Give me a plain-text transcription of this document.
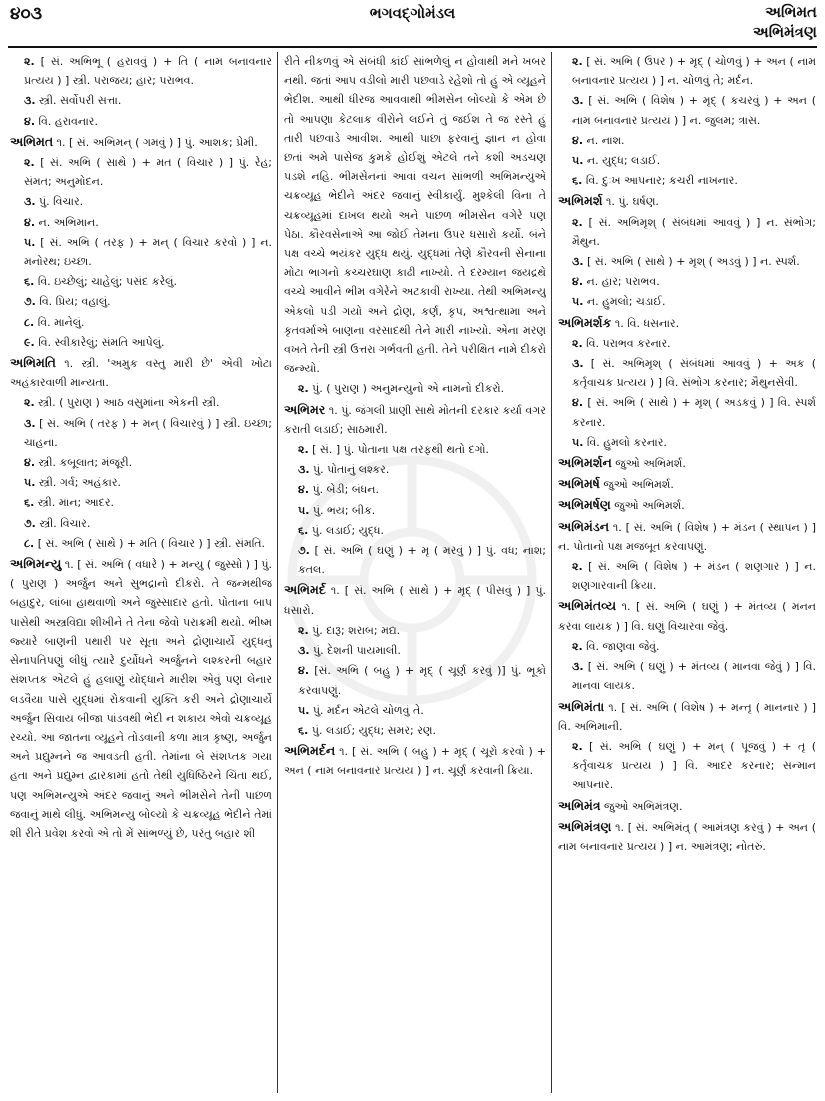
૪૦૩	ભગવદ્ગોમંડલ	અભિમત
અભિમંત્રણ

૨. [ સં. અભિભૂ ( હરાવવું ) + તિ ( નામ બનાવનાર પ્રત્યય ) ] સ્ત્રી. પરાજય; હાર; પરાભવ.

૩. સ્ત્રી. સર્વોપરી સત્તા.

૪. વિ. હરાવનાર.

અભિમત ૧. [ સં. અભિમન્ ( ગમવું ) ] પું. આશક; પ્રેમી.

૨. [ સં. અભિ ( સાથે ) + મત ( વિચાર ) ] પું. રેહ; સંમત; અનુમોદન.

૩. પું. વિચાર.

૪. ન. અભિમાન.

૫. [ સં. અભિ ( તરફ ) + મન્ ( વિચાર કરવો ) ] ન. મનોરથ; ઇચ્છા.

૬. વિ. ઇચ્છેલું; ચાહેલું; પસંદ કરેલું.

૭. વિ. પ્રિય; વહાલું.

૮. વિ. માનેલું.

૯. વિ. સ્વીકારેલું; સંમતિ આપેલું.

અભિમતિ ૧. સ્ત્રી. 'અમુક વસ્તુ મારી છે' એવી ખોટા અહંકારવાળી માન્યતા.

૨. સ્ત્રી. ( પુરાણ ) આઠ વસુમાંના એકની સ્ત્રી.

૩. [ સં. અભિ ( તરફ ) + મન્ ( વિચારવું ) ] સ્ત્રી. ઇચ્છા; ચાહના.

૪. સ્ત્રી. કબૂલાત; મંજૂરી.

૫. સ્ત્રી. ગર્વ; અહંકાર.

૬. સ્ત્રી. માન; આદર.

૭. સ્ત્રી. વિચાર.

૮. [ સં. અભિ ( સાથે ) + મતિ ( વિચાર ) ] સ્ત્રી. સંમતિ.

અભિમન્યુ ૧. [ સં. અભિ ( વધારે ) + મન્યુ ( જુસ્સો ) ] પું. ( પુરાણ ) અર્જુન અને સુભદ્રાનો દીકરો. તે જન્મથીજ બહાદુર, લાંબા હાથવાળો અને જુસ્સાદાર હતો. પોતાના બાપ પાસેથી અસ્ત્રવિદ્યા શીખીને તે તેના જેવો પરાક્રમી થયો. ભીષ્મ જ્યારે બાણની પથારી પર સૂતા અને દ્રોણાચાર્યે યુદ્ધનું સેનાપતિપણું લીધું ત્યારે દુર્યોધને અર્જુનને લશ્કરની બહાર સંશપ્તક એટલે હું હલાણું યોદ્ધાને મારીશ એવું પણ લેનાર લડવૈયા પાસે યુદ્ધમાં રોકવાની યુક્તિ કરી અને દ્રોણાચાર્યે અર્જુન સિવાય બીજા પાંડવથી ભેદી ન શકાય એવો ચક્રવ્યૂહ રચ્યો. આ જાતના વ્યૂહને તોડવાની કળા માત્ર કૃષ્ણ, અર્જુન અને પ્રદ્યુમ્નને જ આવડતી હતી. તેમાંના બે સંશપ્તક ગયા હતા અને પ્રદ્યુમ્ન દ્વારકામાં હતો તેથી યુધિષ્ઠિરને ચિંતા થઈ, પણ અભિમન્યુએ અંદર જવાનું અને ભીમસેને તેની પાછળ જવાનું માથે લીધું. અભિમન્યુ બોલ્યો કે ચક્રવ્યૂહ ભેદીને તેમાં શી રીતે પ્રવેશ કરવો એ તો મેં સાંભળ્યું છે, પરંતુ બહાર શી

રીતે નીકળવું એ સંબંધી કાંઈ સાંભળેલું ન હોવાથી મને ખબર નથી. જતાં આપ વડીલો મારી પછવાડે રહેશો તો હું એ વ્યૂહને ભેદીશ. આથી ધીરજ આવવાથી ભીમસેન બોલ્યો કે એમ છે તો આપણા કેટલાક વીરોને લઈને તું જઈશ તે જ રસ્તે હું તારી પછવાડે આવીશ. આથી પાછા ફરવાનું જ્ઞાન ન હોવા છતાં અમે પાસેજ કુમકે હોઈશું એટલે તને કશી અડચણ પડશે નહિ. ભીમસેનનાં આવાં વચન સાંભળી અભિમન્યુએ ચક્રવ્યૂહ ભેદીને અંદર જવાનું સ્વીકાર્યું. મુશ્કેલી વિના તે ચક્રવ્યૂહમાં દાખલ થયો અને પાછળ ભીમસેન વગેરે પણ પેઠા. કૌરવસેનાએ આ જોઈ તેમના ઉપર ધસારો કર્યો. બંને પક્ષ વચ્ચે ભયંકર યુદ્ધ થયું. યુદ્ધમાં તેણે કૌરવની સેનાના મોટા ભાગનો કચ્ચરઘાણ કાઢી નાખ્યો. તે દરમ્યાન જયદ્રથે વચ્ચે આવીને ભીમ વગેરેને અટકાવી રાખ્યા. તેથી અભિમન્યુ એકલો પડી ગયો અને દ્રોણ, કર્ણ, કૃપ, અશ્વત્થામા અને કૃતવર્માએ બાણના વરસાદથી તેને મારી નાખ્યો. એના મરણ વખતે તેની સ્ત્રી ઉત્તરા ગર્ભવતી હતી. તેને પરીક્ષિત નામે દીકરો જન્મ્યો.

૨. પું. ( પુરાણ ) અનુમન્યુનો એ નામનો દીકરો.

અભિમર ૧. પું. જંગલી પ્રાણી સાથે મોતની દરકાર કર્યા વગર કરાતી લડાઈ; સાઠમારી.

૨. [ સં. ] પું. પોતાના પક્ષ તરફથી થતો દગો.

૩. પું. પોતાનું લશ્કર.

૪. પું. બેડી; બંધન.

૫. પું. ભય; બીક.

૬. પું. લડાઈ; યુદ્ધ.

૭. [ સં. અભિ ( ઘણું ) + મૃ ( મરવું ) ] પું. વધ; નાશ; કતલ.

અભિમર્દ ૧. [ સં. અભિ ( સાથે ) + મૃદ્ ( પીસવું ) ] પું. ધસારો.

૨. પું. દારૂ; શરાબ; મદ્ય.

૩. પું. દેશની પાયમાલી.

૪. [સં. અભિ ( બહુ ) + મૃદ્ ( ચૂર્ણ કરવું )] પું. ભૂકો કરવાપણું.

૫. પું. મર્દન એટલે ચોળવું તે.

૬. પું. લડાઈ; યુદ્ધ; સમર; રણ.

અભિમર્દન ૧. [ સં. અભિ ( બહુ ) + મૃદ્ ( ચૂરો કરવો ) + અન ( નામ બનાવનાર પ્રત્યય ) ] ન. ચૂર્ણ કરવાની ક્રિયા.

૨. [ સં. અભિ ( ઉપર ) + મૃદ્ ( ચોળવું ) + અન ( નામ બનાવનાર પ્રત્યય ) ] ન. ચોળવું તે; મર્દન.

૩. [ સં. અભિ ( વિશેષ ) + મૃદ્ ( કચરવું ) + અન ( નામ બનાવનાર પ્રત્યય ) ] ન. જુલમ; ત્રાસ.

૪. ન. નાશ.

૫. ન. યુદ્ધ; લડાઈ.

૬. વિ. દુઃખ આપનાર; કચરી નાખનાર.

અભિમર્શ ૧. પું. ઘર્ષણ.

૨. [ સં. અભિમૃશ્ ( સંબંધમાં આવવું ) ] ન. સંભોગ; મૈથુન.

૩. [ સં. અભિ ( સાથે ) + મૃશ્ ( અડવું ) ] ન. સ્પર્શ.

૪. ન. હાર; પરાભવ.

૫. ન. હુમલો; ચડાઈ.

અભિમર્શક ૧. વિ. ધસનાર.

૨. વિ. પરાભવ કરનાર.

૩. [ સં. અભિમૃશ્ ( સંબંધમાં આવવું ) + અક ( કર્તૃવાચક પ્રત્યય ) ] વિ. સંભોગ કરનાર; મૈથુનસેવી.

૪. [ સં. અભિ ( સાથે ) + મૃશ્ ( અડકવું ) ] વિ. સ્પર્શ કરનાર.

૫. વિ. હુમલો કરનાર.

અભિમર્શન જુઓ અભિમર્શ.

અભિમર્ષ જુઓ અભિમર્શ.

અભિમર્ષણ જુઓ અભિમર્શ.

અભિમંડન ૧. [ સં. અભિ ( વિશેષ ) + મંડન ( સ્થાપન ) ] ન. પોતાનો પક્ષ મજબૂત કરવાપણું.

૨. [ સં. અભિ ( વિશેષ ) + મંડન ( શણગાર ) ] ન. શણગારવાની ક્રિયા.

અભિમંતવ્ય ૧. [ સં. અભિ ( ઘણું ) + મંતવ્ય ( મનન કરવા લાયક ) ] વિ. ઘણું વિચારવા જેવું.

૨. વિ. જાણવા જેવું.

૩. [ સં. અભિ ( ઘણું ) + મંતવ્ય ( માનવા જેવું ) ] વિ. માનવા લાયક.

અભિમંતા ૧. [ સં. અભિ ( વિશેષ ) + મન્તૃ ( માનનાર ) ] વિ. અભિમાની.

૨. [ સં. અભિ ( ઘણું ) + મન્ ( પૂજવું ) + તૃ ( કર્તૃવાચક પ્રત્યય ) ] વિ. આદર કરનાર; સન્માન આપનાર.

અભિમંત્ર જુઓ અભિમંત્રણ.

અભિમંત્રણ ૧. [ સં. અભિમંત્ર્ ( આમંત્રણ કરવું ) + અન ( નામ બનાવનાર પ્રત્યય ) ] ન. આમંત્રણ; નોતરું.
